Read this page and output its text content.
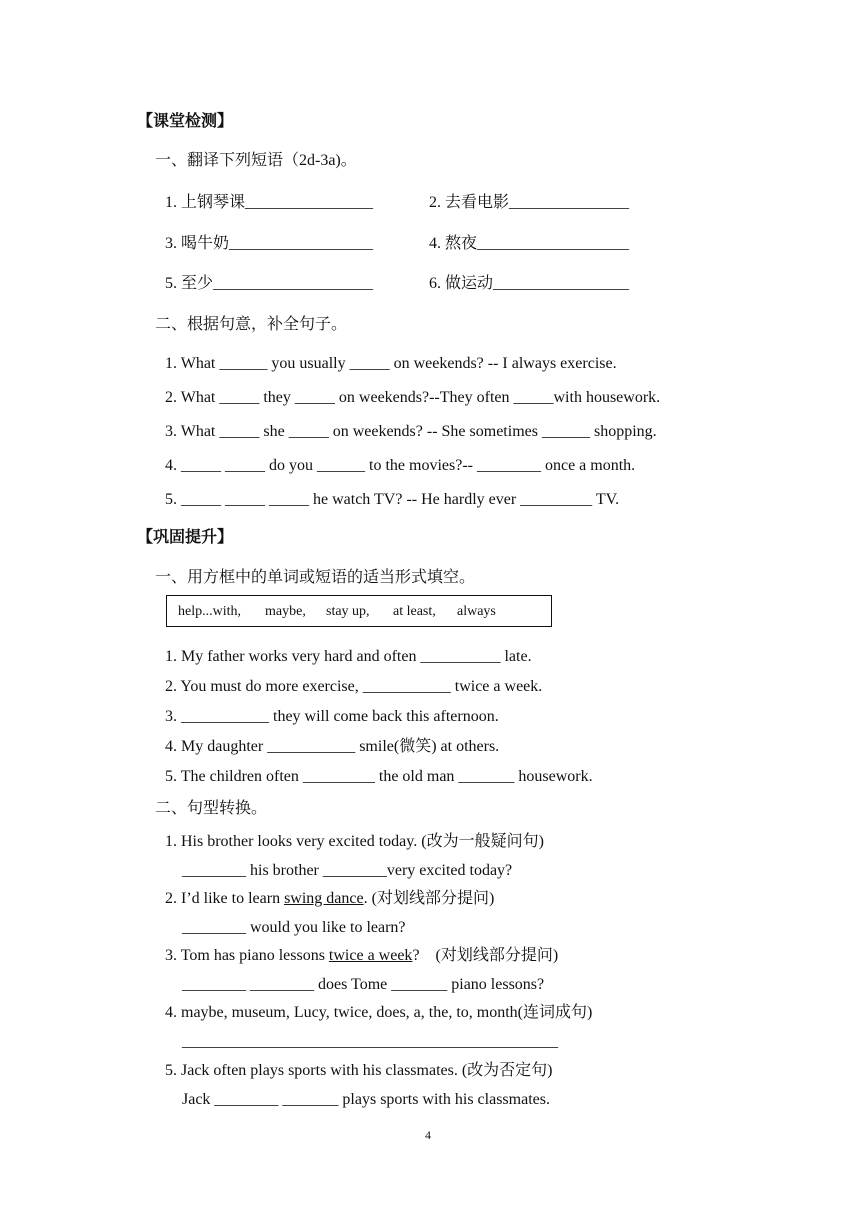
【课堂检测】
一、翻译下列短语（2d-3a)。
1. 上钢琴课________________	2. 去看电影_______________
3. 喝牛奶__________________	4. 熬夜___________________
5. 至少____________________	6. 做运动_________________
二、根据句意，补全句子。
1. What ______ you usually _____ on weekends? -- I always exercise.
2. What _____ they _____ on weekends?--They often _____with housework.
3. What _____ she _____ on weekends? -- She sometimes ______ shopping.
4. _____ _____ do you ______ to the movies?-- ________ once a month.
5. _____ _____ _____ he watch TV? -- He hardly ever _________ TV.
【巩固提升】
一、用方框中的单词或短语的适当形式填空。
help...with, maybe, stay up, at least, always
1. My father works very hard and often __________ late.
2. You must do more exercise, ___________ twice a week.
3. ___________ they will come back this afternoon.
4. My daughter ___________ smile(微笑) at others.
5. The children often _________ the old man _______ housework.
二、句型转换。
1. His brother looks very excited today. (改为一般疑问句)
________ his brother ________very excited today?
2. I’d like to learn swing dance. (对划线部分提问)
________ would you like to learn?
3. Tom has piano lessons twice a week?　(对划线部分提问)
________ ________ does Tome _______ piano lessons?
4. maybe, museum, Lucy, twice, does, a, the, to, month(连词成句)
_______________________________________________
5. Jack often plays sports with his classmates. (改为否定句)
Jack ________ _______ plays sports with his classmates.
4
